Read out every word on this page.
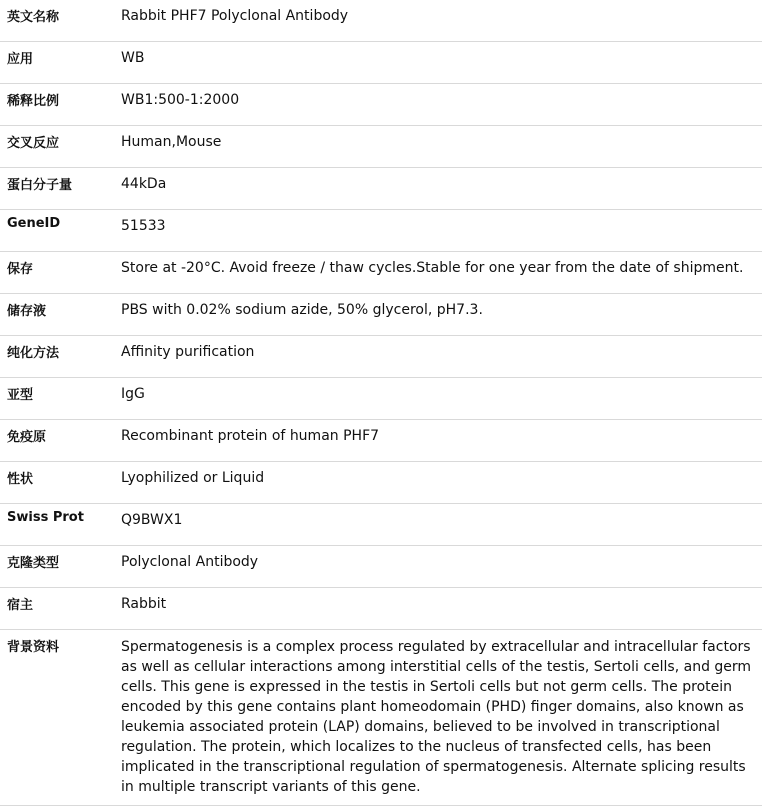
英文名称	Rabbit PHF7 Polyclonal Antibody
应用	WB
稀释比例	WB1:500-1:2000
交叉反应	Human,Mouse
蛋白分子量	44kDa
GeneID	51533
保存	Store at -20°C. Avoid freeze / thaw cycles.Stable for one year from the date of shipment.
储存液	PBS with 0.02% sodium azide, 50% glycerol, pH7.3.
纯化方法	Affinity purification
亚型	IgG
免疫原	Recombinant protein of human PHF7
性状	Lyophilized or Liquid
Swiss Prot	Q9BWX1
克隆类型	Polyclonal Antibody
宿主	Rabbit
背景资料	Spermatogenesis is a complex process regulated by extracellular and intracellular factors as well as cellular interactions among interstitial cells of the testis, Sertoli cells, and germ cells. This gene is expressed in the testis in Sertoli cells but not germ cells. The protein encoded by this gene contains plant homeodomain (PHD) finger domains, also known as leukemia associated protein (LAP) domains, believed to be involved in transcriptional regulation. The protein, which localizes to the nucleus of transfected cells, has been implicated in the transcriptional regulation of spermatogenesis. Alternate splicing results in multiple transcript variants of this gene.
